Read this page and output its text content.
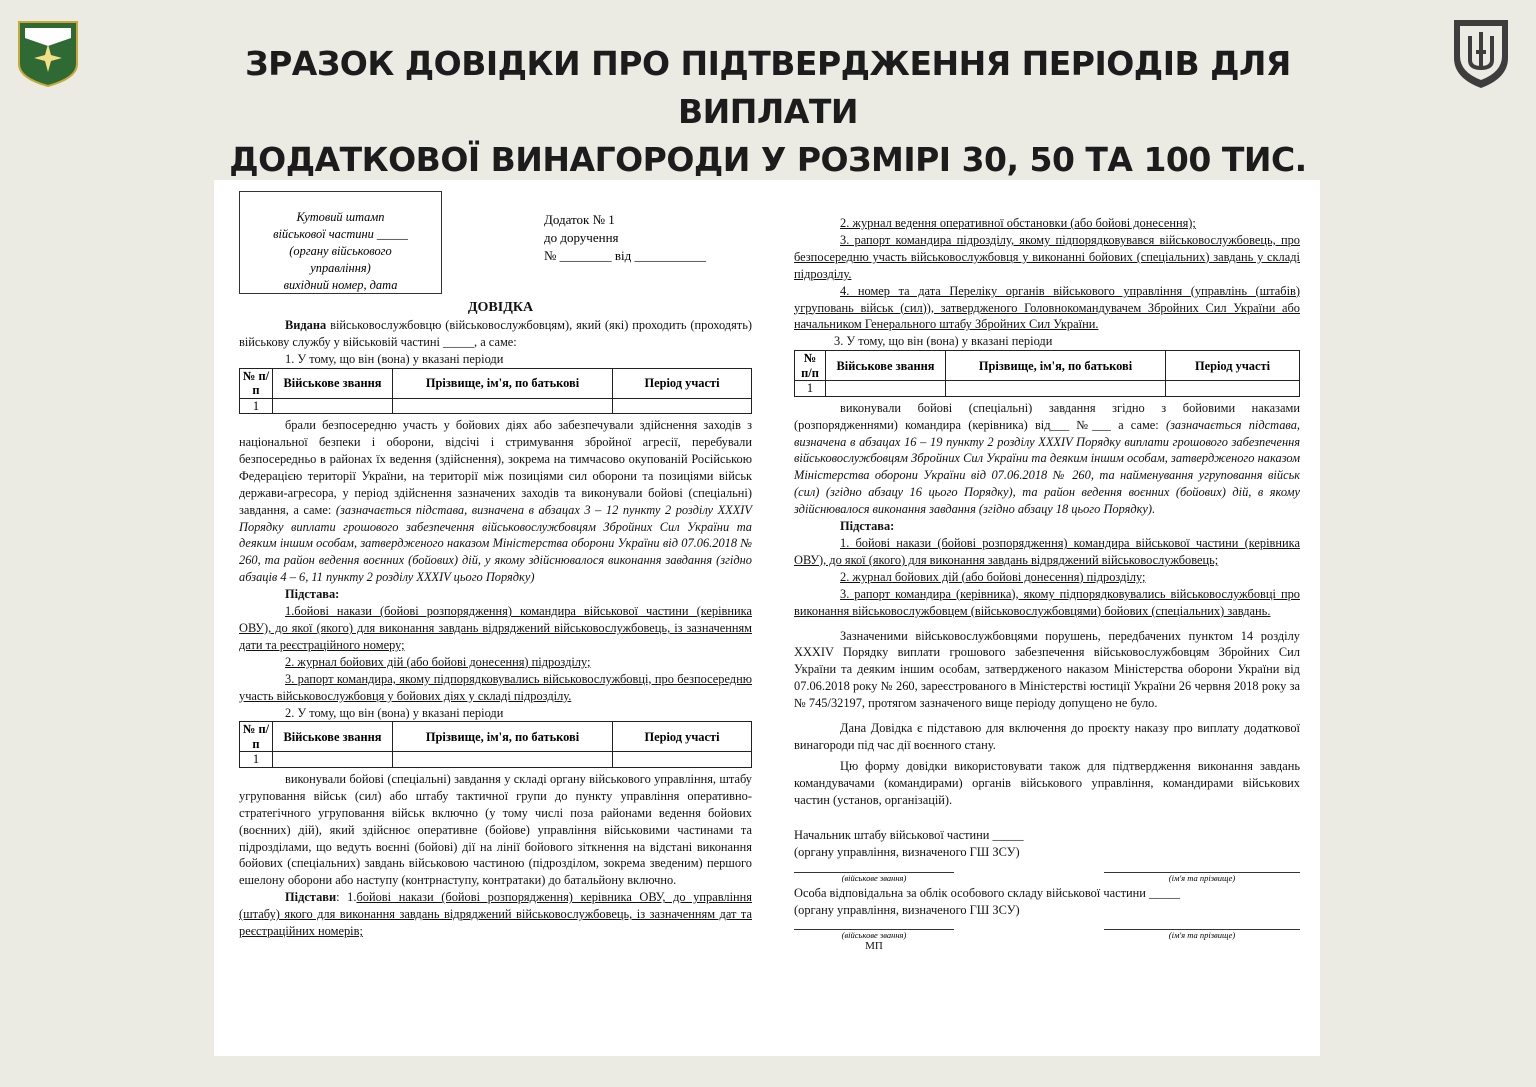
ЗРАЗОК ДОВІДКИ ПРО ПІДТВЕРДЖЕННЯ ПЕРІОДІВ ДЛЯ ВИПЛАТИ
ДОДАТКОВОЇ ВИНАГОРОДИ У РОЗМІРІ 30, 50 ТА 100 ТИС.
Кутовий штамп
військової частини _____
(органу військового
управління)
вихідний номер, дата
Додаток № 1
до доручення
№ ________ від ___________
ДОВІДКА
Видана військовослужбовцю (військовослужбовцям), який (які) проходить (проходять) військову службу у військовій частині _____, а саме:
1. У тому, що він (вона) у вказані періоди
№ п/п	Військове звання	Прізвище, ім'я, по батькові	Період участі
1			
брали безпосередню участь у бойових діях або забезпечували здійснення заходів з національної безпеки і оборони, відсічі і стримування збройної агресії, перебували безпосередньо в районах їх ведення (здійснення), зокрема на тимчасово окупованій Російською Федерацією території України, на території між позиціями сил оборони та позиціями військ держави-агресора, у період здійснення зазначених заходів та виконували бойові (спеціальні) завдання, а саме: (зазначається підстава, визначена в абзацах 3 – 12 пункту 2 розділу XXXIV Порядку виплати грошового забезпечення військовослужбовцям Збройних Сил України та деяким іншим особам, затвердженого наказом Міністерства оборони України від 07.06.2018 № 260, та район ведення воєнних (бойових) дій, у якому здійснювалося виконання завдання (згідно абзаців 4 – 6, 11 пункту 2 розділу XXXIV цього Порядку)
Підстава:
1.бойові накази (бойові розпорядження) командира військової частини (керівника ОВУ), до якої (якого) для виконання завдань відряджений військовослужбовець, із зазначенням дати та реєстраційного номеру;
2. журнал бойових дій (або бойові донесення) підрозділу;
3. рапорт командира, якому підпорядковувались військовослужбовці, про безпосередню участь військовослужбовця у бойових діях у складі підрозділу.
2. У тому, що він (вона) у вказані періоди
№ п/п	Військове звання	Прізвище, ім'я, по батькові	Період участі
1			
виконували бойові (спеціальні) завдання у складі органу військового управління, штабу угруповання військ (сил) або штабу тактичної групи до пункту управління оперативно-стратегічного угруповання військ включно (у тому числі поза районами ведення бойових (воєнних) дій), який здійснює оперативне (бойове) управління військовими частинами та підрозділами, що ведуть воєнні (бойові) дії на лінії бойового зіткнення на відстані виконання бойових (спеціальних) завдань військовою частиною (підрозділом, зокрема зведеним) першого ешелону оборони або наступу (контрнаступу, контратаки) до батальйону включно.
Підстави: 1.бойові накази (бойові розпорядження) керівника ОВУ, до управління (штабу) якого для виконання завдань відряджений військовослужбовець, із зазначенням дат та реєстраційних номерів;
2. журнал ведення оперативної обстановки (або бойові донесення);
3. рапорт командира підрозділу, якому підпорядковувався військовослужбовець, про безпосередню участь військовослужбовця у виконанні бойових (спеціальних) завдань у складі підрозділу.
4. номер та дата Переліку органів військового управління (управлінь (штабів) угруповань військ (сил)), затвердженого Головнокомандувачем Збройних Сил України або начальником Генерального штабу Збройних Сил України.
3. У тому, що він (вона) у вказані періоди
№ п/п	Військове звання	Прізвище, ім'я, по батькові	Період участі
1			
виконували бойові (спеціальні) завдання згідно з бойовими наказами (розпорядженнями) командира (керівника) від___ №___ а саме: (зазначається підстава, визначена в абзацах 16 – 19 пункту 2 розділу XXXIV Порядку виплати грошового забезпечення військовослужбовцям Збройних Сил України та деяким іншим особам, затвердженого наказом Міністерства оборони України від 07.06.2018 № 260, та найменування угруповання військ (сил) (згідно абзацу 16 цього Порядку), та район ведення воєнних (бойових) дій, в якому здійснювалося виконання завдання (згідно абзацу 18 цього Порядку).
Підстава:
1. бойові накази (бойові розпорядження) командира військової частини (керівника ОВУ), до якої (якого) для виконання завдань відряджений військовослужбовець;
2. журнал бойових дій (або бойові донесення) підрозділу;
3. рапорт командира (керівника), якому підпорядковувались військовослужбовці про виконання військовослужбовцем (військовослужбовцями) бойових (спеціальних) завдань.
Зазначеними військовослужбовцями порушень, передбачених пунктом 14 розділу XXXIV Порядку виплати грошового забезпечення військовослужбовцям Збройних Сил України та деяким іншим особам, затвердженого наказом Міністерства оборони України від 07.06.2018 року № 260, зареєстрованого в Міністерстві юстиції України 26 червня 2018 року за № 745/32197, протягом зазначеного вище періоду допущено не було.
Дана Довідка є підставою для включення до проєкту наказу про виплату додаткової винагороди під час дії воєнного стану.
Цю форму довідки використовувати також для підтвердження виконання завдань командувачами (командирами) органів військового управління, командирами військових частин (установ, організацій).
Начальник штабу військової частини _____
(органу управління, визначеного ГШ ЗСУ)
(військове звання)	(ім'я та прізвище)
Особа відповідальна за облік особового складу військової частини _____
(органу управління, визначеного ГШ ЗСУ)
(військове звання)
МП
(ім'я та прізвище)
